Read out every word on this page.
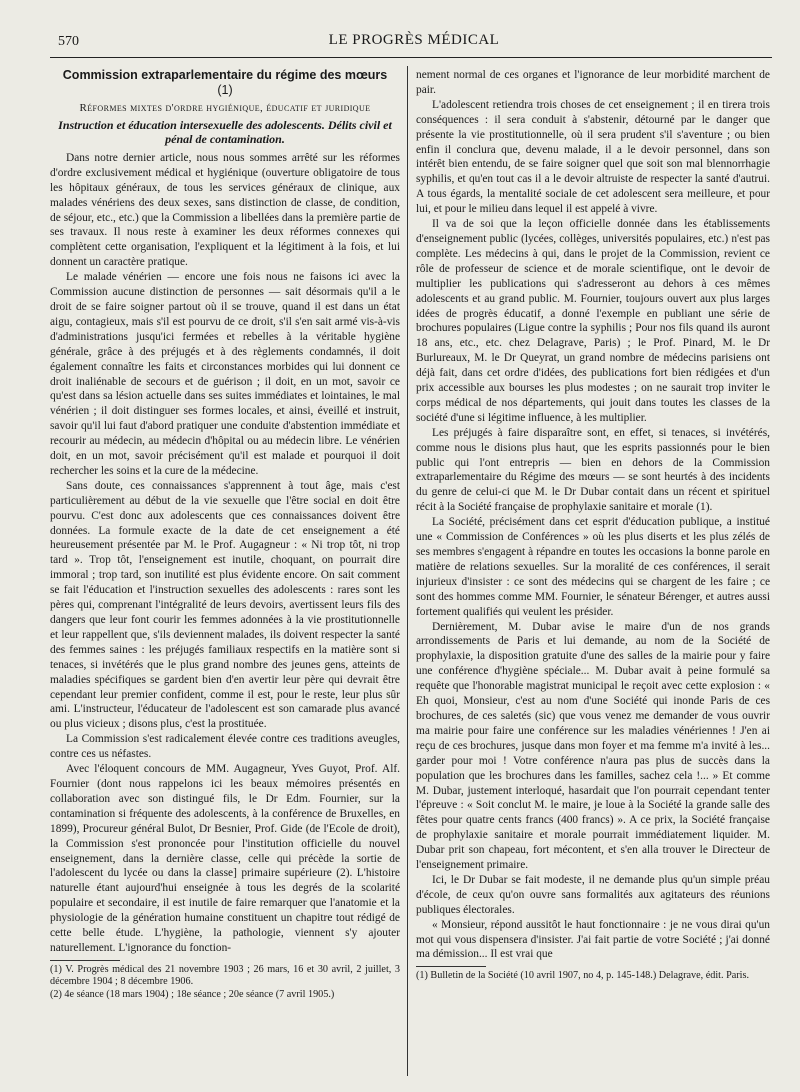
570	LE PROGRÈS MÉDICAL
Commission extraparlementaire du régime des mœurs (1)
Réformes mixtes d'ordre hygiénique, éducatif et juridique
Instruction et éducation intersexuelle des adolescents. Délits civil et pénal de contamination.

Dans notre dernier article, nous nous sommes arrêté sur les réformes d'ordre exclusivement médical et hygiénique (ouverture obligatoire de tous les hôpitaux généraux, de tous les services généraux de clinique, aux malades vénériens des deux sexes, sans distinction de classe, de condition, de séjour, etc., etc.) que la Commission a libellées dans la première partie de ses travaux. Il nous reste à examiner les deux réformes connexes qui complètent cette organisation, l'expliquent et la légitiment à la fois, et lui donnent un caractère pratique.

Le malade vénérien — encore une fois nous ne faisons ici avec la Commission aucune distinction de personnes — sait désormais qu'il a le droit de se faire soigner partout où il se trouve, quand il est dans un état aigu, contagieux, mais s'il est pourvu de ce droit, s'il s'en sait armé vis-à-vis d'administrations jusqu'ici fermées et rebelles à la véritable hygiène générale, grâce à des préjugés et à des règlements condamnés, il doit également connaître les faits et circonstances morbides qui lui donnent ce droit inaliénable de secours et de guérison ; il doit, en un mot, savoir ce qu'est dans sa lésion actuelle dans ses suites immédiates et lointaines, le mal vénérien ; il doit distinguer ses formes locales, et ainsi, éveillé et instruit, savoir qu'il lui faut d'abord pratiquer une conduite d'abstention immédiate et recourir au médecin, au médecin d'hôpital ou au médecin libre. Le vénérien doit, en un mot, savoir précisément qu'il est malade et pourquoi il doit rechercher les soins et la cure de la médecine.

Sans doute, ces connaissances s'apprennent à tout âge, mais c'est particulièrement au début de la vie sexuelle que l'être social en doit être pourvu. C'est donc aux adolescents que ces connaissances doivent être données. La formule exacte de la date de cet enseignement a été heureusement présentée par M. le Prof. Augagneur : « Ni trop tôt, ni trop tard ». Trop tôt, l'enseignement est inutile, choquant, on pourrait dire immoral ; trop tard, son inutilité est plus évidente encore. On sait comment se fait l'éducation et l'instruction sexuelles des adolescents : rares sont les pères qui, comprenant l'intégralité de leurs devoirs, avertissent leurs fils des dangers que leur font courir les femmes adonnées à la vie prostitutionnelle et leur rappellent que, s'ils deviennent malades, ils doivent respecter la santé des femmes saines : les préjugés familiaux respectifs en la matière sont si tenaces, si invétérés que le plus grand nombre des jeunes gens, atteints de maladies spécifiques se gardent bien d'en avertir leur père qui devrait être cependant leur premier confident, comme il est, pour le reste, leur plus sûr ami. L'instructeur, l'éducateur de l'adolescent est son camarade plus avancé ou plus vicieux ; disons plus, c'est la prostituée.

La Commission s'est radicalement élevée contre ces traditions aveugles, contre ces us néfastes.

Avec l'éloquent concours de MM. Augagneur, Yves Guyot, Prof. Alf. Fournier (dont nous rappelons ici les beaux mémoires présentés en collaboration avec son distingué fils, le Dr Edm. Fournier, sur la contamination si fréquente des adolescents, à la conférence de Bruxelles, en 1899), Procureur général Bulot, Dr Besnier, Prof. Gide (de l'Ecole de droit), la Commission s'est prononcée pour l'institution officielle du nouvel enseignement, dans la dernière classe, celle qui précède la sortie de l'adolescent du lycée ou dans la classe] primaire supérieure (2). L'histoire naturelle étant aujourd'hui enseignée à tous les degrés de la scolarité populaire et secondaire, il est inutile de faire remarquer que l'anatomie et la physiologie de la génération humaine constituent un chapitre tout rédigé de cette belle étude. L'hygiène, la pathologie, viennent s'y ajouter naturellement. L'ignorance du fonction-

(1) V. Progrès médical des 21 novembre 1903 ; 26 mars, 16 et 30 avril, 2 juillet, 3 décembre 1904 ; 8 décembre 1906.

(2) 4e séance (18 mars 1904) ; 18e séance ; 20e séance (7 avril 1905.)

nement normal de ces organes et l'ignorance de leur morbidité marchent de pair.

L'adolescent retiendra trois choses de cet enseignement ; il en tirera trois conséquences : il sera conduit à s'abstenir, détourné par le danger que présente la vie prostitutionnelle, où il sera prudent s'il s'aventure ; ou bien enfin il conclura que, devenu malade, il a le devoir personnel, dans son intérêt bien entendu, de se faire soigner quel que soit son mal blennorrhagie syphilis, et qu'en tout cas il a le devoir altruiste de respecter la santé d'autrui. A tous égards, la mentalité sociale de cet adolescent sera meilleure, et pour lui, et pour le milieu dans lequel il est appelé à vivre.

Il va de soi que la leçon officielle donnée dans les établissements d'enseignement public (lycées, collèges, universités populaires, etc.) n'est pas complète. Les médecins à qui, dans le projet de la Commission, revient ce rôle de professeur de science et de morale scientifique, ont le devoir de multiplier les publications qui s'adresseront au dehors à ces mêmes adolescents et au grand public. M. Fournier, toujours ouvert aux plus larges idées de progrès éducatif, a donné l'exemple en publiant une série de brochures populaires (Ligue contre la syphilis ; Pour nos fils quand ils auront 18 ans, etc., etc. chez Delagrave, Paris) ; le Prof. Pinard, M. le Dr Burlureaux, M. le Dr Queyrat, un grand nombre de médecins parisiens ont déjà fait, dans cet ordre d'idées, des publications fort bien rédigées et d'un prix accessible aux bourses les plus modestes ; on ne saurait trop inviter le corps médical de nos départements, qui jouit dans toutes les classes de la société d'une si légitime influence, à les multiplier.

Les préjugés à faire disparaître sont, en effet, si tenaces, si invétérés, comme nous le disions plus haut, que les esprits passionnés pour le bien public qui l'ont entrepris — bien en dehors de la Commission extraparlementaire du Régime des mœurs — se sont heurtés à des incidents du genre de celui-ci que M. le Dr Dubar contait dans un récent et spirituel récit à la Société française de prophylaxie sanitaire et morale (1).

La Société, précisément dans cet esprit d'éducation publique, a institué une « Commission de Conférences » où les plus diserts et les plus zélés de ses membres s'engagent à répandre en toutes les occasions la bonne parole en matière de relations sexuelles. Sur la moralité de ces conférences, il serait injurieux d'insister : ce sont des médecins qui se chargent de les faire ; ce sont des hommes comme MM. Fournier, le sénateur Bérenger, et autres aussi fortement qualifiés qui veulent les présider.

Dernièrement, M. Dubar avise le maire d'un de nos grands arrondissements de Paris et lui demande, au nom de la Société de prophylaxie, la disposition gratuite d'une des salles de la mairie pour y faire une conférence d'hygiène spéciale... M. Dubar avait à peine formulé sa requête que l'honorable magistrat municipal le reçoit avec cette explosion : « Eh quoi, Monsieur, c'est au nom d'une Société qui inonde Paris de ces brochures, de ces saletés (sic) que vous venez me demander de vous ouvrir ma mairie pour faire une conférence sur les maladies vénériennes ! J'en ai reçu de ces brochures, jusque dans mon foyer et ma femme m'a invité à les... garder pour moi ! Votre conférence n'aura pas plus de succès dans la population que les brochures dans les familles, sachez cela !... » Et comme M. Dubar, justement interloqué, hasardait que l'on pourrait cependant tenter l'épreuve : « Soit conclut M. le maire, je loue à la Société la grande salle des fêtes pour quatre cents francs (400 francs) ». A ce prix, la Société française de prophylaxie sanitaire et morale pourrait immédiatement liquider. M. Dubar prit son chapeau, fort mécontent, et s'en alla trouver le Directeur de l'enseignement primaire.

Ici, le Dr Dubar se fait modeste, il ne demande plus qu'un simple préau d'école, de ceux qu'on ouvre sans formalités aux agitateurs des réunions publiques électorales.

« Monsieur, répond aussitôt le haut fonctionnaire : je ne vous dirai qu'un mot qui vous dispensera d'insister. J'ai fait partie de votre Société ; j'ai donné ma démission... Il est vrai que

(1) Bulletin de la Société (10 avril 1907, no 4, p. 145-148.) Delagrave, édit. Paris.
